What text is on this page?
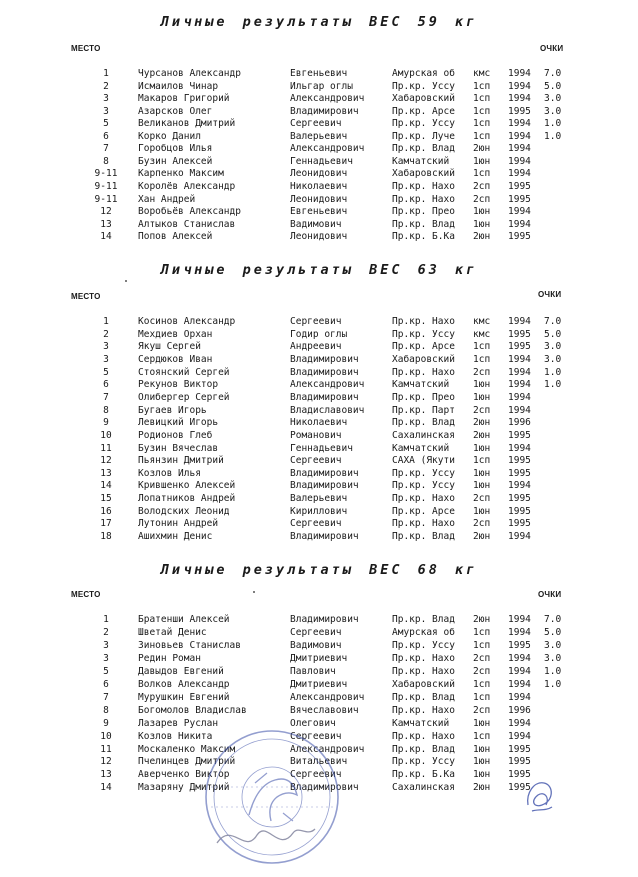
Личные результаты ВЕС 59 кг
МЕСТО	ОЧКИ
1	Чурсанов Александр	Евгеньевич	Амурская об кмс 1994 7.0
2	Исмаилов Чинар	Ильгар оглы	Пр.кр. Уссу 1сп 1994 5.0
3	Макаров Григорий	Александрович	Хабаровский 1сп 1994 3.0
3	Азарсков Олег	Владимирович	Пр.кр. Арсе 1сп 1995 3.0
5	Великанов Дмитрий	Сергеевич	Пр.кр. Уссу 1сп 1994 1.0
6	Корко Данил	Валерьевич	Пр.кр. Луче 1сп 1994 1.0
7	Горобцов Илья	Александрович	Пр.кр. Влад 2юн 1994
8	Бузин Алексей	Геннадьевич	Камчатский	1юн 1994
9-11	Карпенко Максим	Леонидович	Хабаровский 1сп 1994
9-11	Королёв Александр	Николаевич	Пр.кр. Нахо 2сп 1995
9-11	Хан Андрей	Леонидович	Пр.кр. Нахо 2сп 1995
12	Воробьёв Александр	Евгеньевич	Пр.кр. Прео 1юн 1994
13	Алтыков Станислав	Вадимович	Пр.кр. Влад 1юн 1994
14	Попов Алексей	Леонидович	Пр.кр. Б.Ка 2юн 1995
Личные результаты ВЕС 63 кг
МЕСТО	ОЧКИ
1	Косинов Александр	Сергеевич	Пр.кр. Нахо кмс 1994 7.0
2	Мехдиев Орхан	Годир оглы	Пр.кр. Уссу кмс 1995 5.0
3	Якуш Сергей	Андреевич	Пр.кр. Арсе 1сп 1995 3.0
3	Сердюков Иван	Владимирович	Хабаровский 1сп 1994 3.0
5	Стоянский Сергей	Владимирович	Пр.кр. Нахо 2сп 1994 1.0
6	Рекунов Виктор	Александрович	Камчатский	1юн 1994 1.0
7	Олибергер Сергей	Владимирович	Пр.кр. Прео 1юн 1994
8	Бугаев Игорь	Владиславович	Пр.кр. Парт 2сп 1994
9	Левицкий Игорь	Николаевич	Пр.кр. Влад 2юн 1996
10	Родионов Глеб	Романович	Сахалинская 2юн 1995
11	Бузин Вячеслав	Геннадьевич	Камчатский	1юн 1994
12	Пьянзин Дмитрий	Сергеевич	САХА (Якути 1сп 1995
13	Козлов Илья	Владимирович	Пр.кр. Уссу 1юн 1995
14	Крившенко Алексей	Владимирович	Пр.кр. Уссу 1юн 1994
15	Лопатников Андрей	Валерьевич	Пр.кр. Нахо 2сп 1995
16	Володских Леонид	Кириллович	Пр.кр. Арсе 1юн 1995
17	Лутонин Андрей	Сергеевич	Пр.кр. Нахо 2сп 1995
18	Ашихмин Денис	Владимирович	Пр.кр. Влад 2юн 1994
Личные результаты ВЕС 68 кг
МЕСТО	ОЧКИ
1	Братенши Алексей	Владимирович	Пр.кр. Влад 2юн 1994 7.0
2	Шветай Денис	Сергеевич	Амурская об 1сп 1994 5.0
3	Зиновьев Станислав	Вадимович	Пр.кр. Уссу 1сп 1995 3.0
3	Редин Роман	Дмитриевич	Пр.кр. Нахо 2сп 1994 3.0
5	Давыдов Евгений	Павлович	Пр.кр. Нахо 2сп 1994 1.0
6	Волков Александр	Дмитриевич	Хабаровский 1сп 1994 1.0
7	Мурушкин Евгений	Александрович	Пр.кр. Влад 1сп 1994
8	Богомолов Владислав	Вячеславович	Пр.кр. Нахо 2сп 1996
9	Лазарев Руслан	Олегович	Камчатский	1юн 1994
10	Козлов Никита	Сергеевич	Пр.кр. Нахо 1сп 1994
11	Москаленко Максим	Александрович	Пр.кр. Влад 1юн 1995
12	Пчелинцев Дмитрий	Витальевич	Пр.кр. Уссу 1юн 1995
13	Аверченко Виктор	Сергеевич	Пр.кр. Б.Ка 1юн 1995
14	Мазаряну Дмитрий	Владимирович	Сахалинская 2юн 1995
